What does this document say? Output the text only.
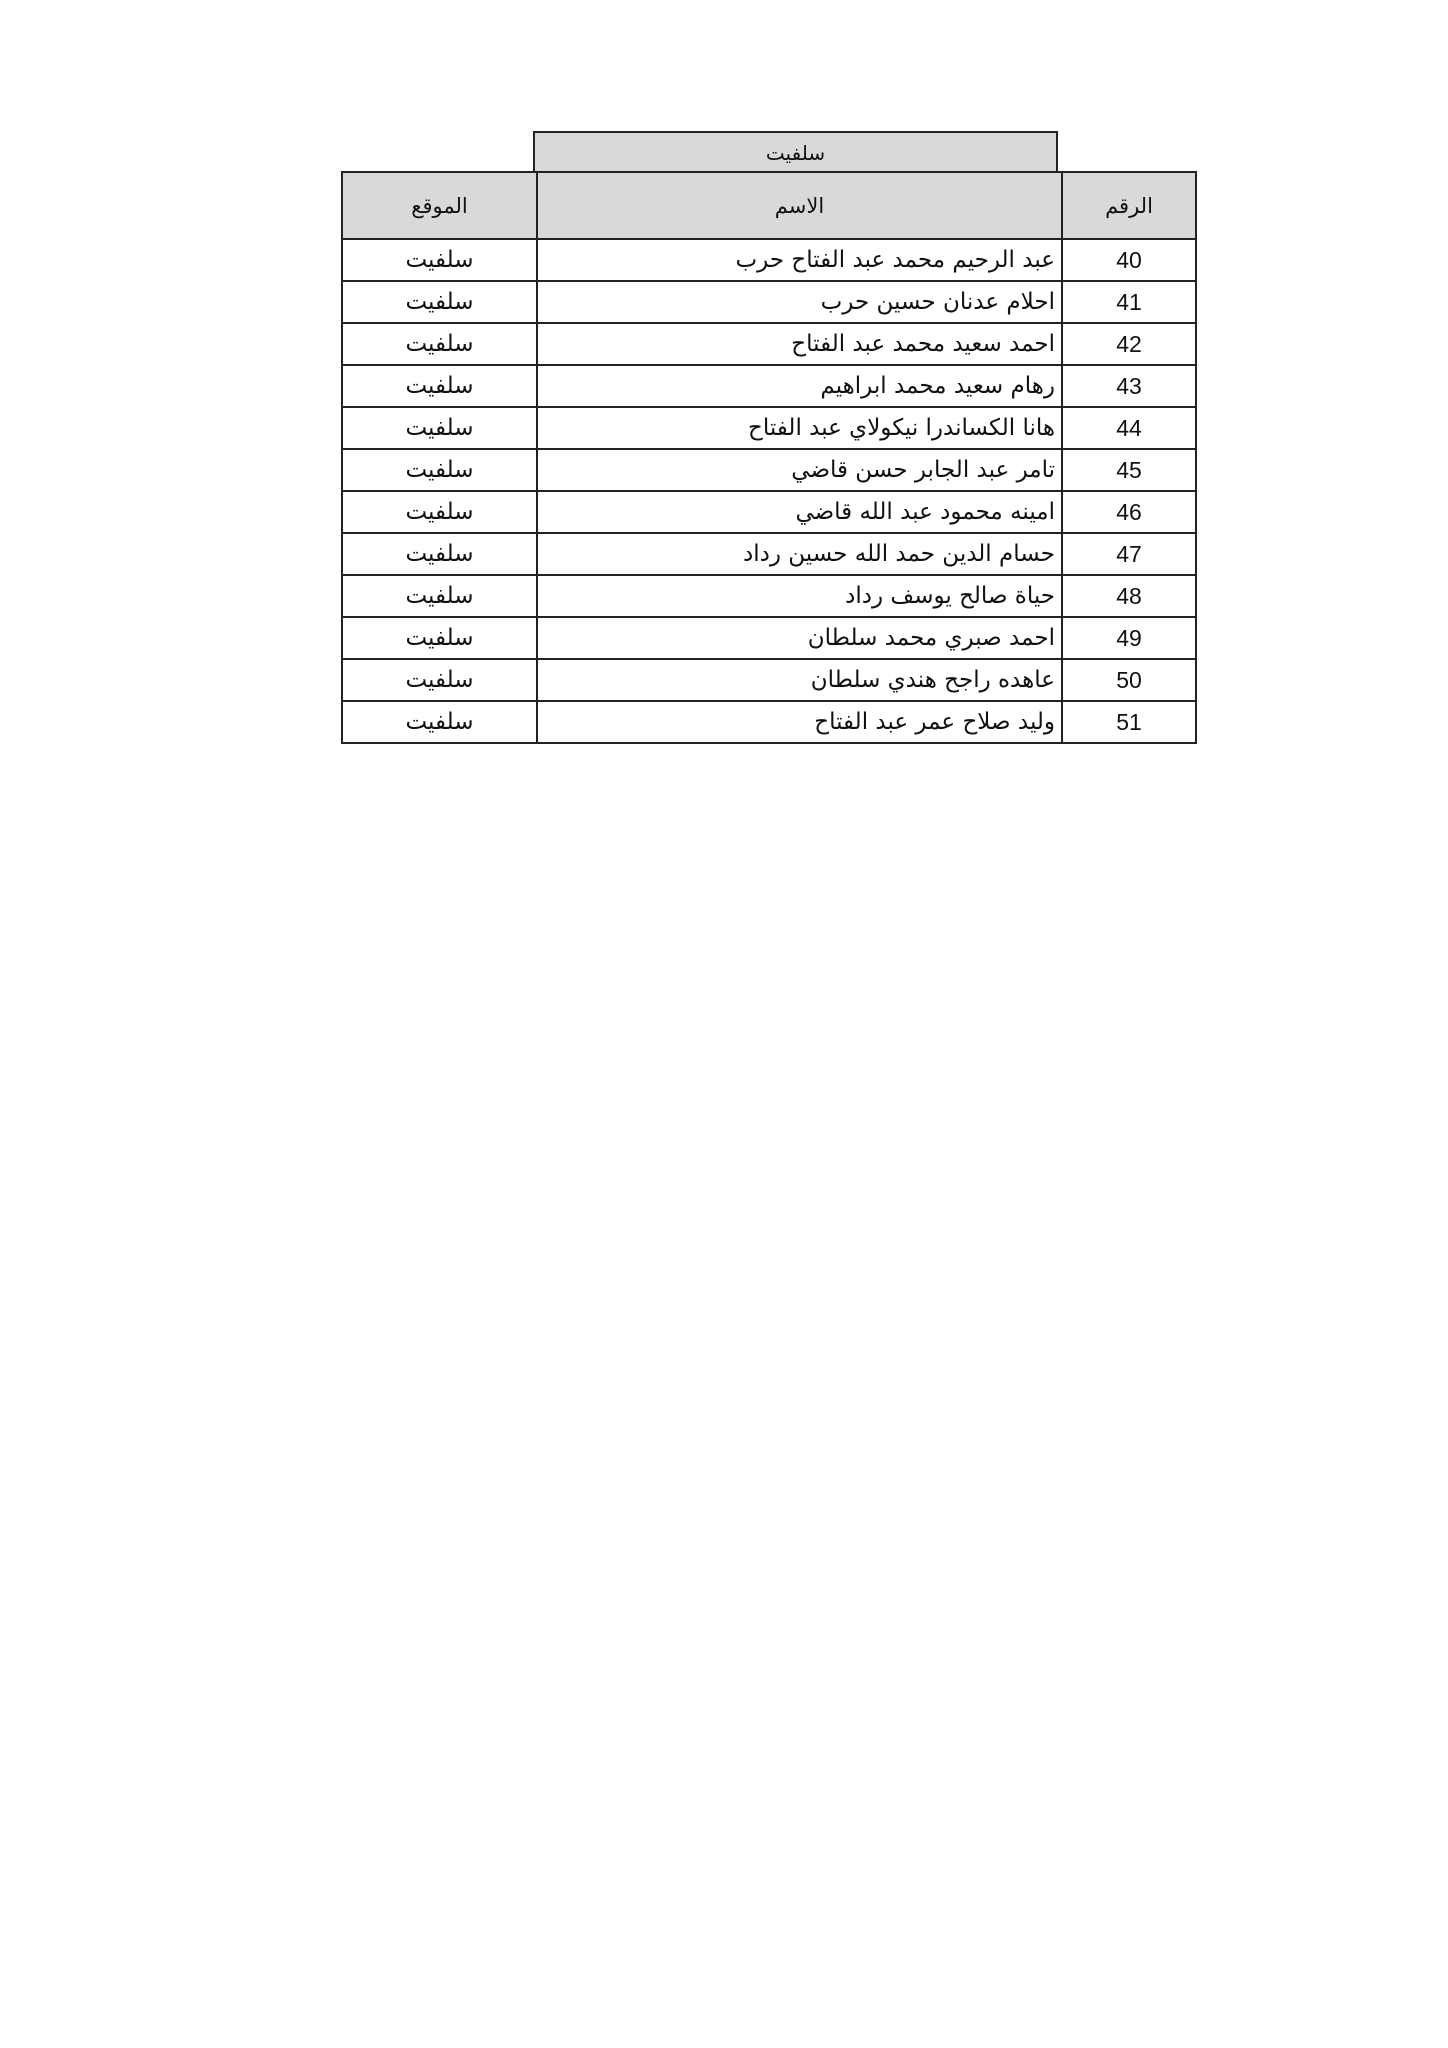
سلفيت
الرقم	الاسم	الموقع
40	عبد الرحيم محمد عبد الفتاح حرب	سلفيت
41	احلام عدنان حسين حرب	سلفيت
42	احمد سعيد محمد عبد الفتاح	سلفيت
43	رهام سعيد محمد ابراهيم	سلفيت
44	هانا الكساندرا نيكولاي عبد الفتاح	سلفيت
45	تامر عبد الجابر حسن قاضي	سلفيت
46	امينه محمود عبد الله قاضي	سلفيت
47	حسام الدين حمد الله حسين رداد	سلفيت
48	حياة صالح يوسف رداد	سلفيت
49	احمد صبري محمد سلطان	سلفيت
50	عاهده راجح هندي سلطان	سلفيت
51	وليد صلاح عمر عبد الفتاح	سلفيت
